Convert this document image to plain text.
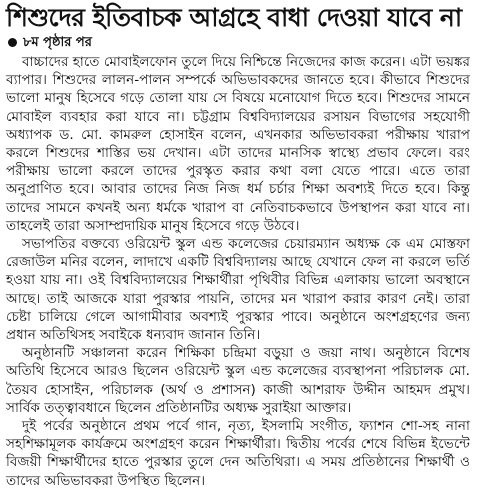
শিশুদের ইতিবাচক আগ্রহে বাধা দেওয়া যাবে না
৮ম পৃষ্ঠার পর

বাচ্চাদের হাতে মোবাইলফোন তুলে দিয়ে নিশ্চিন্তে নিজেদের কাজ করেন। এটা ভয়ঙ্কর ব্যাপার। শিশুদের লালন-পালন সম্পর্কে অভিভাবকদের জানতে হবে। কীভাবে শিশুদের ভালো মানুষ হিসেবে গড়ে তোলা যায় সে বিষয়ে মনোযোগ দিতে হবে। শিশুদের সামনে মোবাইল ব্যবহার করা যাবে না। চট্টগ্রাম বিশ্ববিদ্যালয়ের রসায়ন বিভাগের সহযোগী অধ্যাপক ড. মো. কামরুল হোসাইন বলেন, এখনকার অভিভাবকরা পরীক্ষায় খারাপ করলে শিশুদের শাস্তির ভয় দেখান। এটা তাদের মানসিক স্বাস্থ্যে প্রভাব ফেলে। বরং পরীক্ষায় ভালো করলে তাদের পুরস্কৃত করার কথা বলা যেতে পারে। এতে তারা অনুপ্রাণিত হবে। আবার তাদের নিজ নিজ ধর্ম চর্চার শিক্ষা অবশ্যই দিতে হবে। কিন্তু তাদের সামনে কখনই অন্য ধর্মকে খারাপ বা নেতিবাচকভাবে উপস্থাপন করা যাবে না। তাহলেই তারা অসাম্প্রদায়িক মানুষ হিসেবে গড়ে উঠবে।

সভাপতির বক্তব্যে ওরিয়েন্ট স্কুল এন্ড কলেজের চেয়ারম্যান অধ্যক্ষ কে এম মোস্তফা রেজাউল মনির বলেন, লাদাখে একটি বিশ্ববিদ্যালয় আছে যেখানে ফেল না করলে ভর্তি হওয়া যায় না। ওই বিশ্ববিদ্যালয়ের শিক্ষার্থীরা পৃথিবীর বিভিন্ন এলাকায় ভালো অবস্থানে আছে। তাই আজকে যারা পুরস্কার পায়নি, তাদের মন খারাপ করার কারণ নেই। তারা চেষ্টা চালিয়ে গেলে আগামীবার অবশ্যই পুরস্কার পাবে। অনুষ্ঠানে অংশগ্রহণের জন্য প্রধান অতিথিসহ সবাইকে ধন্যবাদ জানান তিনি।

অনুষ্ঠানটি সঞ্চালনা করেন শিক্ষিকা চন্দ্রিমা বড়ুয়া ও জয়া নাথ। অনুষ্ঠানে বিশেষ অতিথি হিসেবে আরও ছিলেন ওরিয়েন্ট স্কুল এন্ড কলেজের ব্যবস্থাপনা পরিচালক মো. তৈয়ব হোসাইন, পরিচালক (অর্থ ও প্রশাসন) কাজী আশরাফ উদ্দীন আহমদ প্রমুখ। সার্বিক তত্ত্বাবধানে ছিলেন প্রতিষ্ঠানটির অধ্যক্ষ সুরাইয়া আক্তার।

দুই পর্বের অনুষ্ঠানে প্রথম পর্বে গান, নৃত্য, ইসলামি সংগীত, ফ্যাশন শো-সহ নানা সহশিক্ষামূলক কার্যক্রমে অংশগ্রহণ করেন শিক্ষার্থীরা। দ্বিতীয় পর্বের শেষে বিভিন্ন ইভেন্টে বিজয়ী শিক্ষার্থীদের হাতে পুরস্কার তুলে দেন অতিথিরা। এ সময় প্রতিষ্ঠানের শিক্ষার্থী ও তাদের অভিভাবকরা উপস্থিত ছিলেন।
